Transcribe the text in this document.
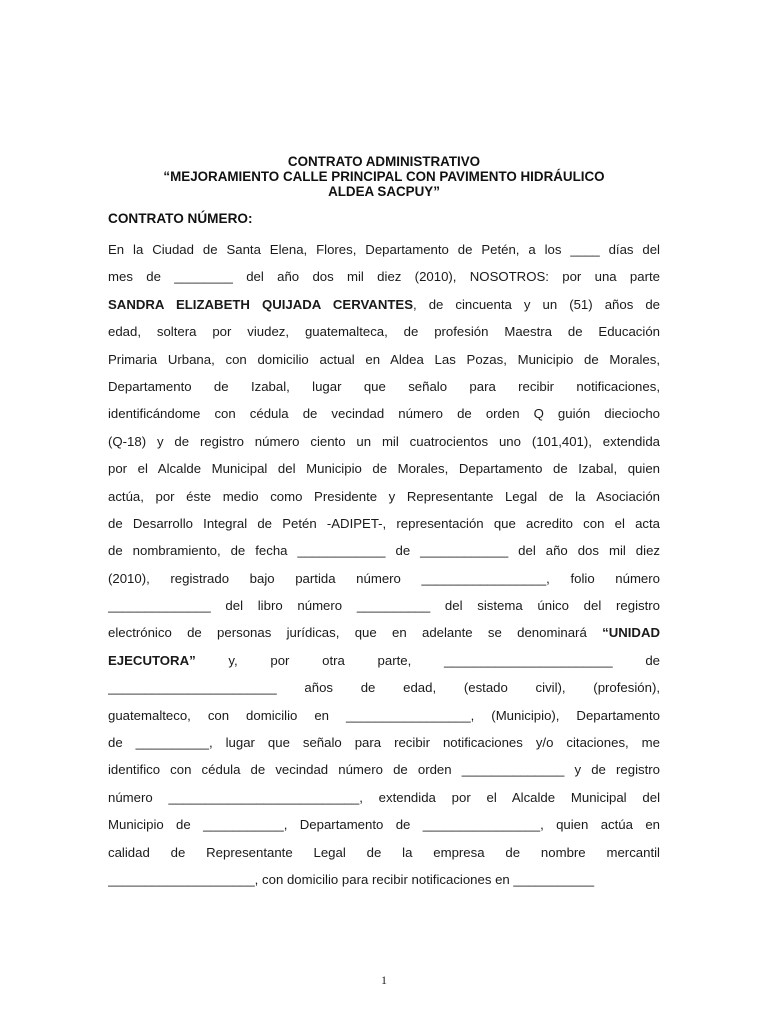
CONTRATO ADMINISTRATIVO
“MEJORAMIENTO CALLE PRINCIPAL CON PAVIMENTO HIDRÁULICO
ALDEA SACPUY”
CONTRATO NÚMERO:
En la Ciudad de Santa Elena, Flores, Departamento de Petén, a los ____ días del
mes de ________ del año dos mil diez (2010), NOSOTROS: por una parte
SANDRA ELIZABETH QUIJADA CERVANTES, de cincuenta y un (51) años de
edad, soltera por viudez, guatemalteca, de profesión Maestra de Educación
Primaria Urbana, con domicilio actual en Aldea Las Pozas, Municipio de Morales,
Departamento de Izabal, lugar que señalo para recibir notificaciones,
identificándome con cédula de vecindad número de orden Q guión dieciocho
(Q-18) y de registro número ciento un mil cuatrocientos uno (101,401), extendida
por el Alcalde Municipal del Municipio de Morales, Departamento de Izabal, quien
actúa, por éste medio como Presidente y Representante Legal de la Asociación
de Desarrollo Integral de Petén -ADIPET-, representación que acredito con el acta
de nombramiento, de fecha ____________ de ____________ del año dos mil diez
(2010), registrado bajo partida número _________________, folio número
______________ del libro número __________ del sistema único del registro
electrónico de personas jurídicas, que en adelante se denominará “UNIDAD
EJECUTORA” y, por otra parte, _______________________ de
_______________________ años de edad, (estado civil), (profesión),
guatemalteco, con domicilio en _________________, (Municipio), Departamento
de __________, lugar que señalo para recibir notificaciones y/o citaciones, me
identifico con cédula de vecindad número de orden ______________ y de registro
número __________________________, extendida por el Alcalde Municipal del
Municipio de ___________, Departamento de ________________, quien actúa en
calidad de Representante Legal de la empresa de nombre mercantil
____________________, con domicilio para recibir notificaciones en ___________
1
